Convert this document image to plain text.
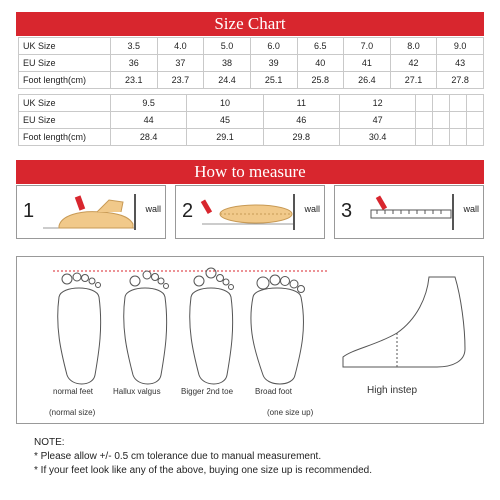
Size Chart
UK Size	3.5	4.0	5.0	6.0	6.5	7.0	8.0	9.0
EU Size	36	37	38	39	40	41	42	43
Foot length(cm)	23.1	23.7	24.4	25.1	25.8	26.4	27.1	27.8
UK Size	9.5	10	11	12				
EU Size	44	45	46	47				
Foot length(cm)	28.4	29.1	29.8	30.4				
How to measure
1	wall 2	wall 3	wall
normal feet Hallux valgus	Bigger 2nd toe	Broad foot	High instep
(normal size)	(one size up)
NOTE:
* Please allow +/- 0.5 cm tolerance due to manual measurement.
* If your feet look like any of the above, buying one size up is recommended.
